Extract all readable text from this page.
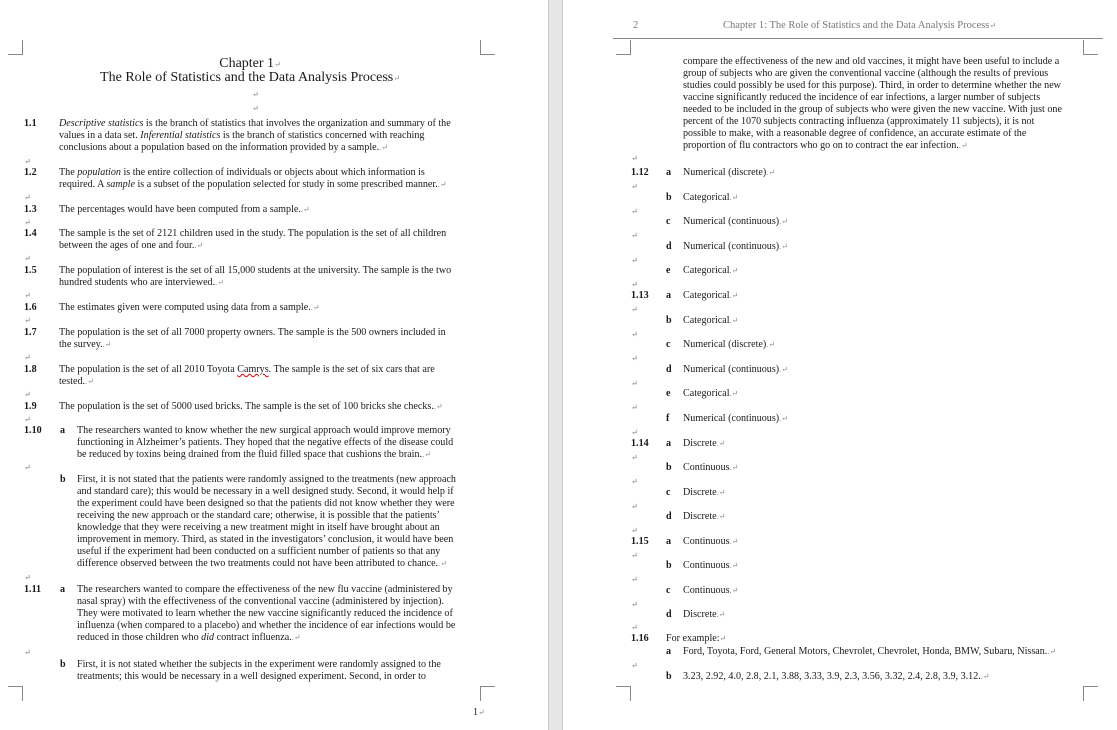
Chapter 1↵
The Role of Statistics and the Data Analysis Process↵
↵
↵
1.1 Descriptive statistics is the branch of statistics that involves the organization and summary of the
values in a data set. Inferential statistics is the branch of statistics concerned with reaching
conclusions about a population based on the information provided by a sample..↵
↵
1.2 The population is the entire collection of individuals or objects about which information is
required. A sample is a subset of the population selected for study in some prescribed manner..↵
↵
1.3 The percentages would have been computed from a sample..↵
↵
1.4 The sample is the set of 2121 children used in the study. The population is the set of all children
between the ages of one and four..↵
↵
1.5 The population of interest is the set of all 15,000 students at the university. The sample is the two
hundred students who are interviewed..↵
↵
1.6 The estimates given were computed using data from a sample..↵
↵
1.7 The population is the set of all 7000 property owners. The sample is the 500 owners included in
the survey..↵
↵
1.8 The population is the set of all 2010 Toyota Camrys. The sample is the set of six cars that are
tested..↵
↵
1.9 The population is the set of 5000 used bricks. The sample is the set of 100 bricks she checks..↵
↵
1.10 a The researchers wanted to know whether the new surgical approach would improve memory
functioning in Alzheimer’s patients. They hoped that the negative effects of the disease could
be reduced by toxins being drained from the fluid filled space that cushions the brain..↵
↵
b First, it is not stated that the patients were randomly assigned to the treatments (new approach
and standard care); this would be necessary in a well designed study. Second, it would help if
the experiment could have been designed so that the patients did not know whether they were
receiving the new approach or the standard care; otherwise, it is possible that the patients’
knowledge that they were receiving a new treatment might in itself have brought about an
improvement in memory. Third, as stated in the investigators’ conclusion, it would have been
useful if the experiment had been conducted on a sufficient number of patients so that any
difference observed between the two treatments could not have been attributed to chance..↵
↵
1.11 a The researchers wanted to compare the effectiveness of the new flu vaccine (administered by
nasal spray) with the effectiveness of the conventional vaccine (administered by injection).
They were motivated to learn whether the new vaccine significantly reduced the incidence of
influenza (when compared to a placebo) and whether the incidence of ear infections would be
reduced in those children who did contract influenza..↵
↵
b First, it is not stated whether the subjects in the experiment were randomly assigned to the
treatments; this would be necessary in a well designed experiment. Second, in order to
1↵
2	Chapter 1: The Role of Statistics and the Data Analysis Process↵
compare the effectiveness of the new and old vaccines, it might have been useful to include a
group of subjects who are given the conventional vaccine (although the results of previous
studies could possibly be used for this purpose). Third, in order to determine whether the new
vaccine significantly reduced the incidence of ear infections, a larger number of subjects
needed to be included in the group of subjects who were given the new vaccine. With just one
percent of the 1070 subjects contracting influenza (approximately 11 subjects), it is not
possible to make, with a reasonable degree of confidence, an accurate estimate of the
proportion of flu contractors who go on to contract the ear infection..↵
↵
1.12 a Numerical (discrete).↵
↵
b Categorical.↵
↵
c Numerical (continuous).↵
↵
d Numerical (continuous).↵
↵
e Categorical.↵
↵
1.13 a Categorical.↵
↵
b Categorical.↵
↵
c Numerical (discrete).↵
↵
d Numerical (continuous).↵
↵
e Categorical.↵
↵
f Numerical (continuous).↵
↵
1.14 a Discrete.↵
↵
b Continuous.↵
↵
c Discrete.↵
↵
d Discrete.↵
↵
1.15 a Continuous.↵
↵
b Continuous.↵
↵
c Continuous.↵
↵
d Discrete.↵
↵
1.16 For example:↵
a Ford, Toyota, Ford, General Motors, Chevrolet, Chevrolet, Honda, BMW, Subaru, Nissan..↵
↵
b 3.23, 2.92, 4.0, 2.8, 2.1, 3.88, 3.33, 3.9, 2.3, 3.56, 3.32, 2.4, 2.8, 3.9, 3.12..↵
